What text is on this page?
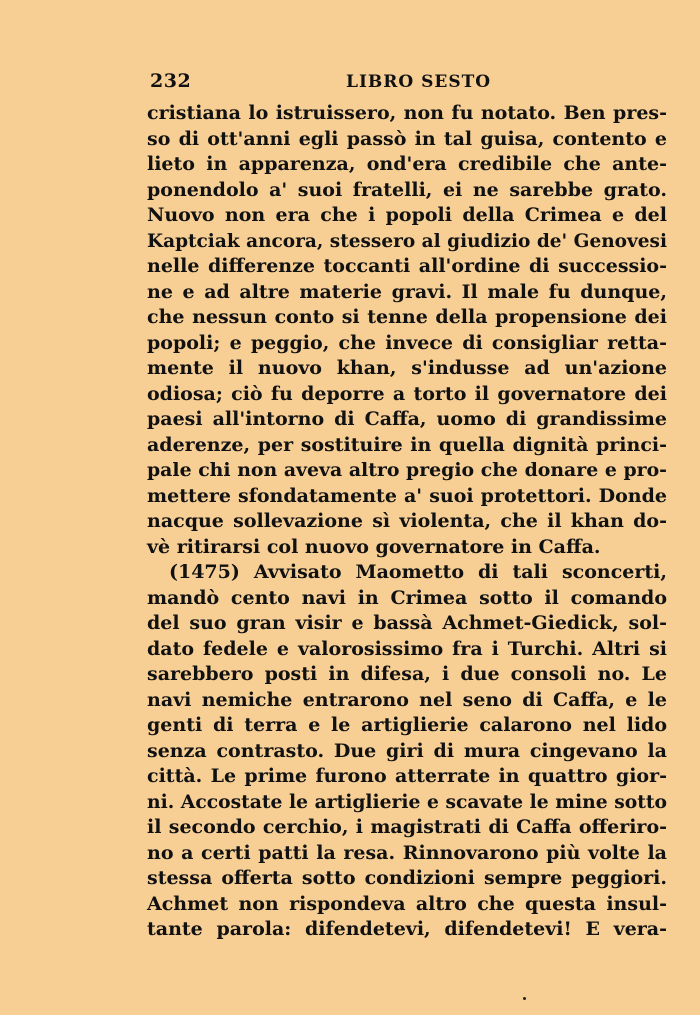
232	LIBRO SESTO
cristiana lo istruissero, non fu notato. Ben pres-
so di ott'anni egli passò in tal guisa, contento e
lieto in apparenza, ond'era credibile che ante-
ponendolo a' suoi fratelli, ei ne sarebbe grato.
Nuovo non era che i popoli della Crimea e del
Kaptciak ancora, stessero al giudizio de' Genovesi
nelle differenze toccanti all'ordine di successio-
ne e ad altre materie gravi. Il male fu dunque,
che nessun conto si tenne della propensione dei
popoli; e peggio, che invece di consigliar retta-
mente il nuovo khan, s'indusse ad un'azione
odiosa; ciò fu deporre a torto il governatore dei
paesi all'intorno di Caffa, uomo di grandissime
aderenze, per sostituire in quella dignità princi-
pale chi non aveva altro pregio che donare e pro-
mettere sfondatamente a' suoi protettori. Donde
nacque sollevazione sì violenta, che il khan do-
vè ritirarsi col nuovo governatore in Caffa.
(1475) Avvisato Maometto di tali sconcerti,
mandò cento navi in Crimea sotto il comando
del suo gran visir e bassà Achmet-Giedick, sol-
dato fedele e valorosissimo fra i Turchi. Altri si
sarebbero posti in difesa, i due consoli no. Le
navi nemiche entrarono nel seno di Caffa, e le
genti di terra e le artiglierie calarono nel lido
senza contrasto. Due giri di mura cingevano la
città. Le prime furono atterrate in quattro gior-
ni. Accostate le artiglierie e scavate le mine sotto
il secondo cerchio, i magistrati di Caffa offeriro-
no a certi patti la resa. Rinnovarono più volte la
stessa offerta sotto condizioni sempre peggiori.
Achmet non rispondeva altro che questa insul-
tante parola: difendetevi, difendetevi! E vera-
